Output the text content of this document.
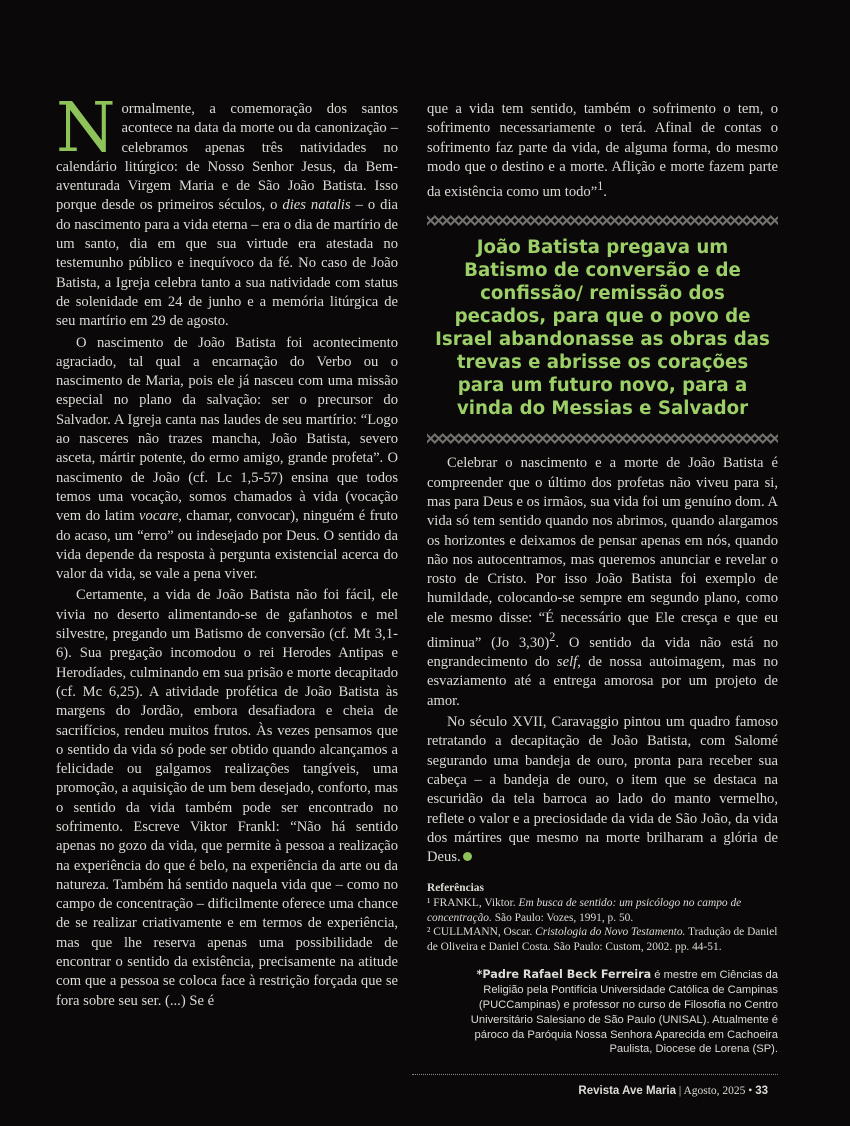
Normalmente, a comemoração dos santos acontece na data da morte ou da canonização – celebramos apenas três natividades no calendário litúrgico: de Nosso Senhor Jesus, da Bem-aventurada Virgem Maria e de São João Batista. Isso porque desde os primeiros séculos, o dies natalis – o dia do nascimento para a vida eterna – era o dia de martírio de um santo, dia em que sua virtude era atestada no testemunho público e inequívoco da fé. No caso de João Batista, a Igreja celebra tanto a sua natividade com status de solenidade em 24 de junho e a memória litúrgica de seu martírio em 29 de agosto.

O nascimento de João Batista foi acontecimento agraciado, tal qual a encarnação do Verbo ou o nascimento de Maria, pois ele já nasceu com uma missão especial no plano da salvação: ser o precursor do Salvador. A Igreja canta nas laudes de seu martírio: “Logo ao nasceres não trazes mancha, João Batista, severo asceta, mártir potente, do ermo amigo, grande profeta”. O nascimento de João (cf. Lc 1,5-57) ensina que todos temos uma vocação, somos chamados à vida (vocação vem do latim vocare, chamar, convocar), ninguém é fruto do acaso, um “erro” ou indesejado por Deus. O sentido da vida depende da resposta à pergunta existencial acerca do valor da vida, se vale a pena viver.

Certamente, a vida de João Batista não foi fácil, ele vivia no deserto alimentando-se de gafanhotos e mel silvestre, pregando um Batismo de conversão (cf. Mt 3,1-6). Sua pregação incomodou o rei Herodes Antipas e Herodíades, culminando em sua prisão e morte decapitado (cf. Mc 6,25). A atividade profética de João Batista às margens do Jordão, embora desafiadora e cheia de sacrifícios, rendeu muitos frutos. Às vezes pensamos que o sentido da vida só pode ser obtido quando alcançamos a felicidade ou galgamos realizações tangíveis, uma promoção, a aquisição de um bem desejado, conforto, mas o sentido da vida também pode ser encontrado no sofrimento. Escreve Viktor Frankl: “Não há sentido apenas no gozo da vida, que permite à pessoa a realização na experiência do que é belo, na experiência da arte ou da natureza. Também há sentido naquela vida que – como no campo de concentração – dificilmente oferece uma chance de se realizar criativamente e em termos de experiência, mas que lhe reserva apenas uma possibilidade de encontrar o sentido da existência, precisamente na atitude com que a pessoa se coloca face à restrição forçada que se fora sobre seu ser. (...) Se é

que a vida tem sentido, também o sofrimento o tem, o sofrimento necessariamente o terá. Afinal de contas o sofrimento faz parte da vida, de alguma forma, do mesmo modo que o destino e a morte. Aflição e morte fazem parte da existência como um todo”$^1$.

João Batista pregava um Batismo de conversão e de confissão/ remissão dos pecados, para que o povo de Israel abandonasse as obras das trevas e abrisse os corações para um futuro novo, para a vinda do Messias e Salvador

Celebrar o nascimento e a morte de João Batista é compreender que o último dos profetas não viveu para si, mas para Deus e os irmãos, sua vida foi um genuíno dom. A vida só tem sentido quando nos abrimos, quando alargamos os horizontes e deixamos de pensar apenas em nós, quando não nos autocentramos, mas queremos anunciar e revelar o rosto de Cristo. Por isso João Batista foi exemplo de humildade, colocando-se sempre em segundo plano, como ele mesmo disse: “É necessário que Ele cresça e que eu diminua” (Jo 3,30)$^2$. O sentido da vida não está no engrandecimento do self, de nossa autoimagem, mas no esvaziamento até a entrega amorosa por um projeto de amor.

No século XVII, Caravaggio pintou um quadro famoso retratando a decapitação de João Batista, com Salomé segurando uma bandeja de ouro, pronta para receber sua cabeça – a bandeja de ouro, o item que se destaca na escuridão da tela barroca ao lado do manto vermelho, reflete o valor e a preciosidade da vida de São João, da vida dos mártires que mesmo na morte brilharam a glória de Deus.

Referências
¹ FRANKL, Viktor. Em busca de sentido: um psicólogo no campo de concentração. São Paulo: Vozes, 1991, p. 50.
² CULLMANN, Oscar. Cristologia do Novo Testamento. Tradução de Daniel de Oliveira e Daniel Costa. São Paulo: Custom, 2002. pp. 44-51.
*Padre Rafael Beck Ferreira é mestre em Ciências da Religião pela Pontifícia Universidade Católica de Campinas (PUCCampinas) e professor no curso de Filosofia no Centro Universitário Salesiano de São Paulo (UNISAL). Atualmente é pároco da Paróquia Nossa Senhora Aparecida em Cachoeira Paulista, Diocese de Lorena (SP).
Revista Ave Maria | Agosto, 2025 • 33
